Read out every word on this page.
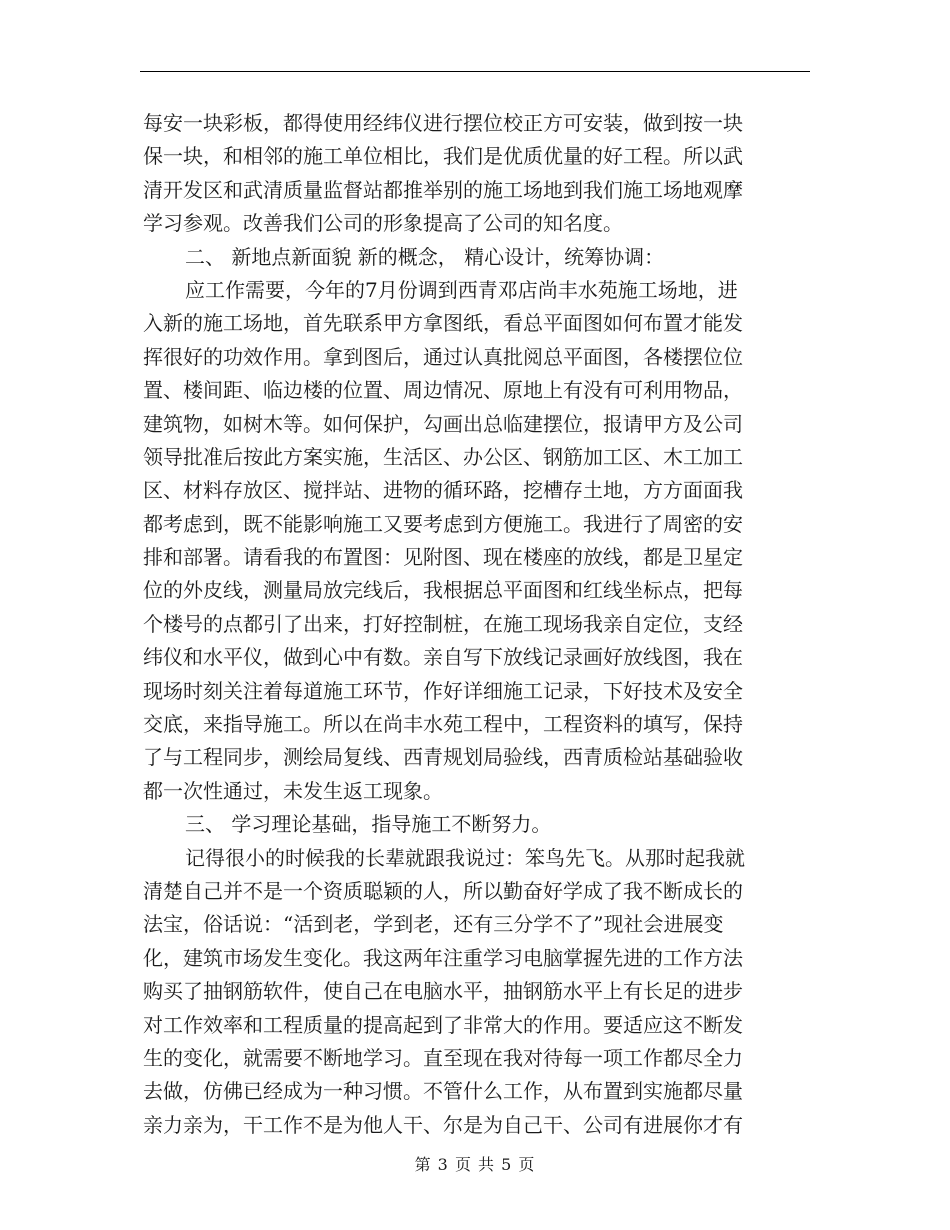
每安一块彩板，都得使用经纬仪进行摆位校正方可安装，做到按一块
保一块，和相邻的施工单位相比，我们是优质优量的好工程。所以武
清开发区和武清质量监督站都推举别的施工场地到我们施工场地观摩
学习参观。改善我们公司的形象提高了公司的知名度。
二、 新地点新面貌 新的概念， 精心设计，统筹协调：
应工作需要，今年的7月份调到西青邓店尚丰水苑施工场地，进
入新的施工场地，首先联系甲方拿图纸，看总平面图如何布置才能发
挥很好的功效作用。拿到图后，通过认真批阅总平面图，各楼摆位位
置、楼间距、临边楼的位置、周边情况、原地上有没有可利用物品，
建筑物，如树木等。如何保护，勾画出总临建摆位，报请甲方及公司
领导批准后按此方案实施，生活区、办公区、钢筋加工区、木工加工
区、材料存放区、搅拌站、进物的循环路，挖槽存土地，方方面面我
都考虑到，既不能影响施工又要考虑到方便施工。我进行了周密的安
排和部署。请看我的布置图：见附图、现在楼座的放线，都是卫星定
位的外皮线，测量局放完线后，我根据总平面图和红线坐标点，把每
个楼号的点都引了出来，打好控制桩，在施工现场我亲自定位，支经
纬仪和水平仪，做到心中有数。亲自写下放线记录画好放线图，我在
现场时刻关注着每道施工环节，作好详细施工记录，下好技术及安全
交底，来指导施工。所以在尚丰水苑工程中，工程资料的填写，保持
了与工程同步，测绘局复线、西青规划局验线，西青质检站基础验收
都一次性通过，未发生返工现象。
三、 学习理论基础，指导施工不断努力。
记得很小的时候我的长辈就跟我说过：笨鸟先飞。从那时起我就
清楚自己并不是一个资质聪颖的人，所以勤奋好学成了我不断成长的
法宝，俗话说：“活到老，学到老，还有三分学不了”现社会进展变
化，建筑市场发生变化。我这两年注重学习电脑掌握先进的工作方法
购买了抽钢筋软件，使自己在电脑水平，抽钢筋水平上有长足的进步
对工作效率和工程质量的提高起到了非常大的作用。要适应这不断发
生的变化，就需要不断地学习。直至现在我对待每一项工作都尽全力
去做，仿佛已经成为一种习惯。不管什么工作，从布置到实施都尽量
亲力亲为，干工作不是为他人干、尔是为自己干、公司有进展你才有
第 3 页 共 5 页
